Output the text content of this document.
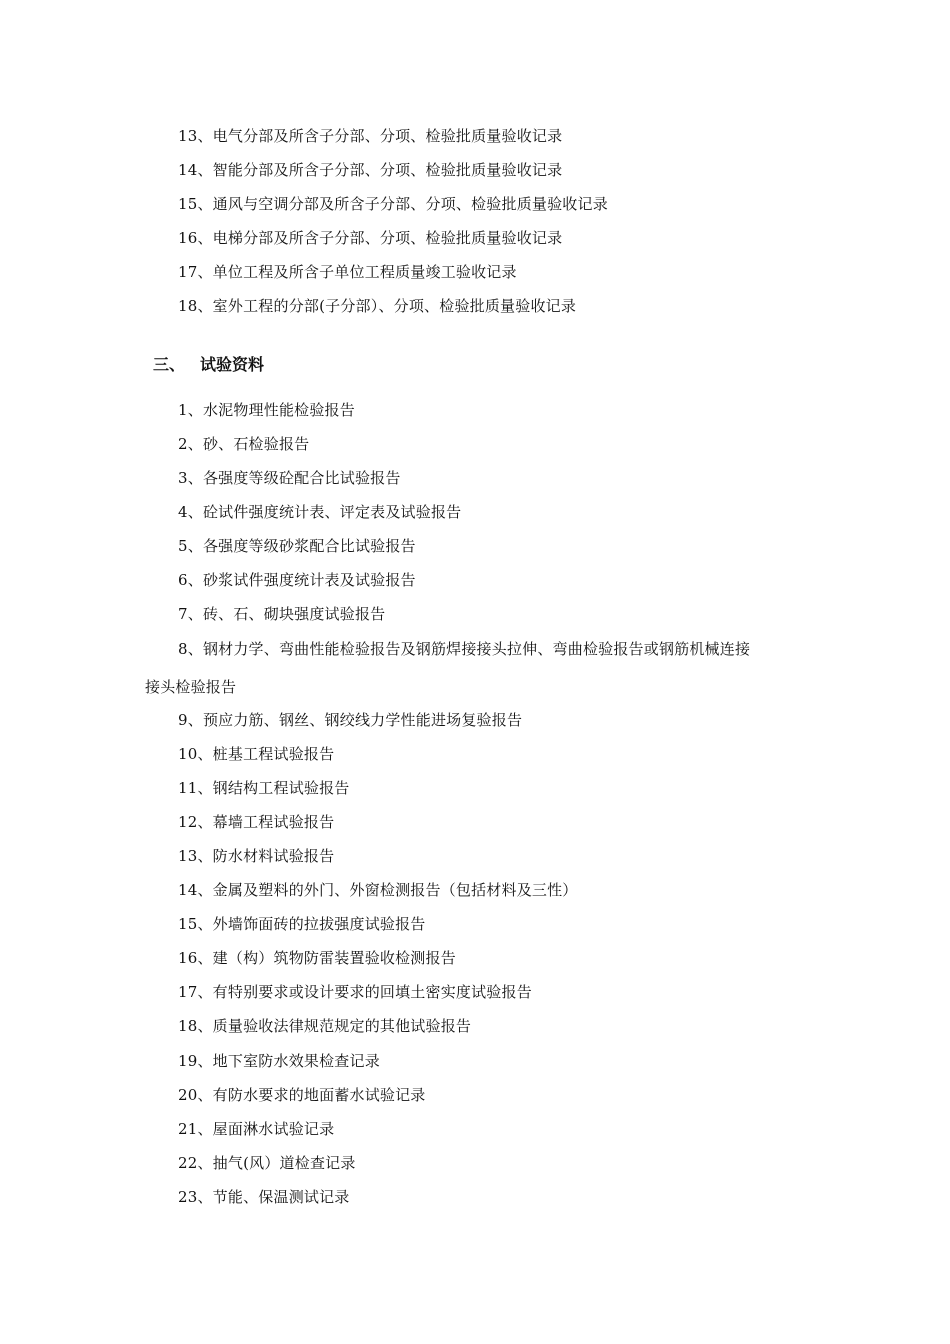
13、电气分部及所含子分部、分项、检验批质量验收记录
14、智能分部及所含子分部、分项、检验批质量验收记录
15、通风与空调分部及所含子分部、分项、检验批质量验收记录
16、电梯分部及所含子分部、分项、检验批质量验收记录
17、单位工程及所含子单位工程质量竣工验收记录
18、室外工程的分部(子分部）、分项、检验批质量验收记录
三、 试验资料
1、水泥物理性能检验报告
2、砂、石检验报告
3、各强度等级砼配合比试验报告
4、砼试件强度统计表、评定表及试验报告
5、各强度等级砂浆配合比试验报告
6、砂浆试件强度统计表及试验报告
7、砖、石、砌块强度试验报告
8、钢材力学、弯曲性能检验报告及钢筋焊接接头拉伸、弯曲检验报告或钢筋机械连接
接头检验报告
9、预应力筋、钢丝、钢绞线力学性能进场复验报告
10、桩基工程试验报告
11、钢结构工程试验报告
12、幕墙工程试验报告
13、防水材料试验报告
14、金属及塑料的外门、外窗检测报告（包括材料及三性）
15、外墙饰面砖的拉拔强度试验报告
16、建（构）筑物防雷装置验收检测报告
17、有特别要求或设计要求的回填土密实度试验报告
18、质量验收法律规范规定的其他试验报告
19、地下室防水效果检查记录
20、有防水要求的地面蓄水试验记录
21、屋面淋水试验记录
22、抽气(风）道检查记录
23、节能、保温测试记录
